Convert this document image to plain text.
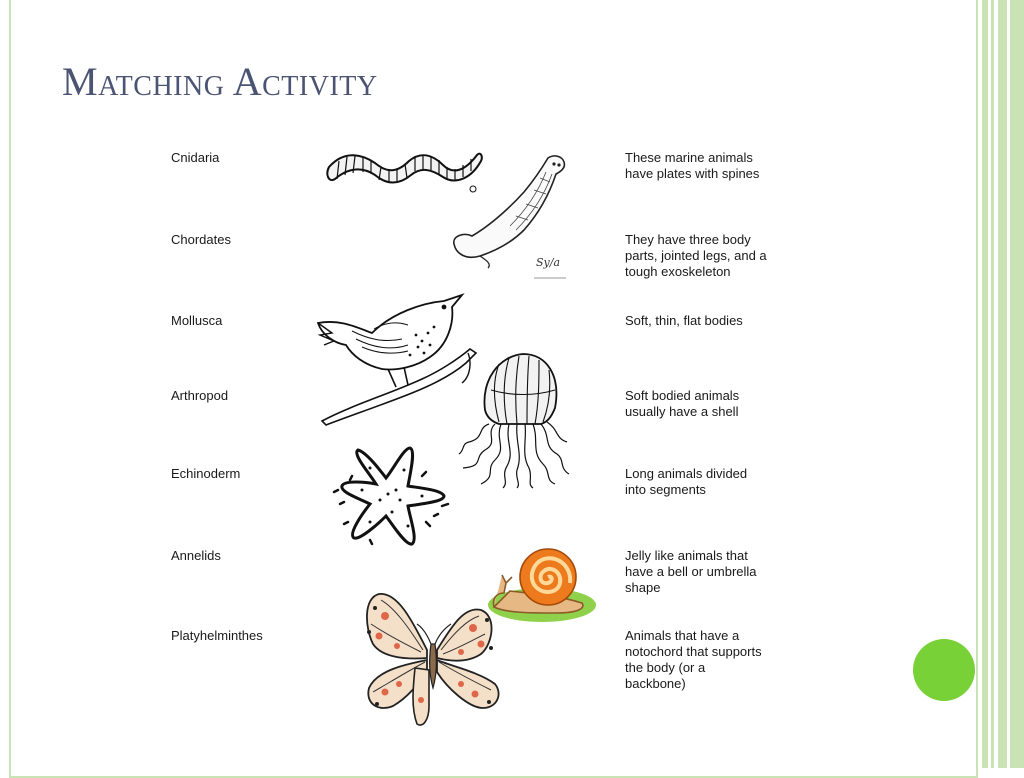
Matching Activity
Cnidaria
Chordates
Mollusca
Arthropod
Echinoderm
Annelids
Platyhelminthes
These marine animals have plates with spines
They have three body parts, jointed legs, and a tough exoskeleton
Soft, thin, flat bodies
Soft bodied animals usually have a shell
Long animals divided into segments
Jelly like animals that have a bell or umbrella shape
Animals that have a notochord that supports the body (or a backbone)
Sy/a
